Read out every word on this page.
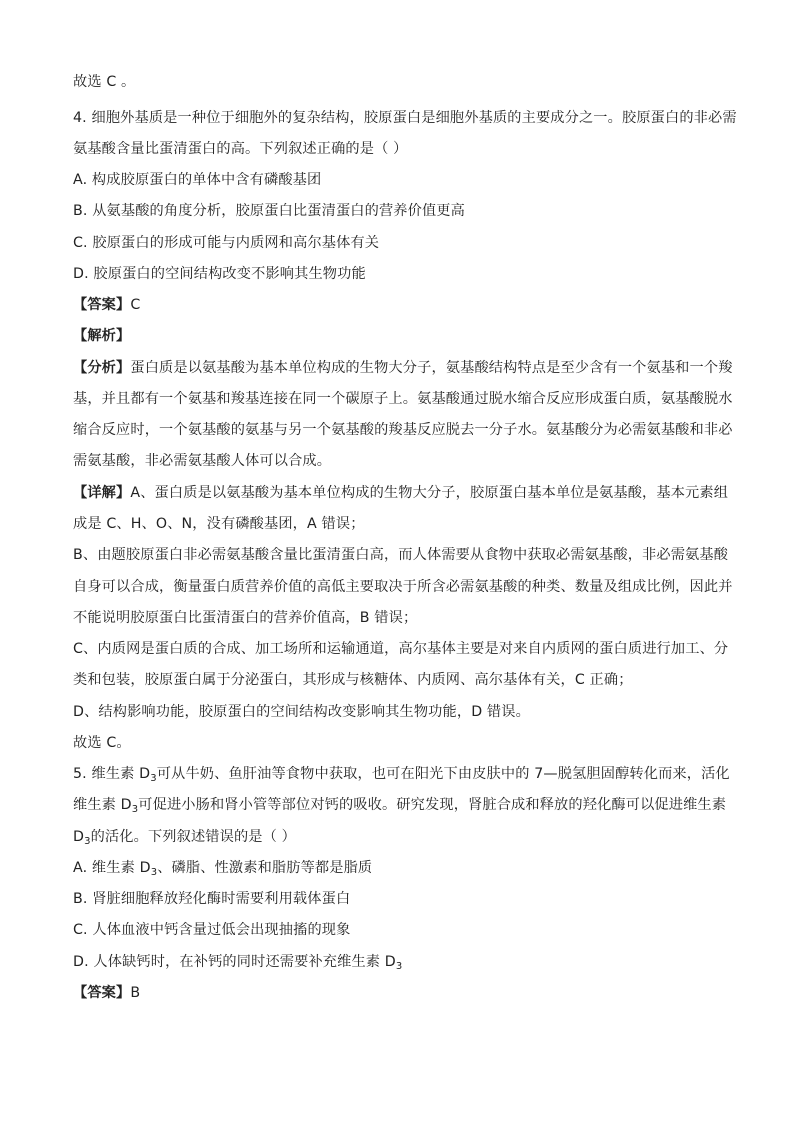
故选 C 。
4. 细胞外基质是一种位于细胞外的复杂结构，胶原蛋白是细胞外基质的主要成分之一。胶原蛋白的非必需
氨基酸含量比蛋清蛋白的高。下列叙述正确的是（ ）
A. 构成胶原蛋白的单体中含有磷酸基团
B. 从氨基酸的角度分析，胶原蛋白比蛋清蛋白的营养价值更高
C. 胶原蛋白的形成可能与内质网和高尔基体有关
D. 胶原蛋白的空间结构改变不影响其生物功能
【答案】C
【解析】
【分析】蛋白质是以氨基酸为基本单位构成的生物大分子，氨基酸结构特点是至少含有一个氨基和一个羧
基，并且都有一个氨基和羧基连接在同一个碳原子上。氨基酸通过脱水缩合反应形成蛋白质，氨基酸脱水
缩合反应时，一个氨基酸的氨基与另一个氨基酸的羧基反应脱去一分子水。氨基酸分为必需氨基酸和非必
需氨基酸，非必需氨基酸人体可以合成。
【详解】A、蛋白质是以氨基酸为基本单位构成的生物大分子，胶原蛋白基本单位是氨基酸，基本元素组
成是 C、H、O、N，没有磷酸基团，A 错误；
B、由题胶原蛋白非必需氨基酸含量比蛋清蛋白高，而人体需要从食物中获取必需氨基酸，非必需氨基酸
自身可以合成，衡量蛋白质营养价值的高低主要取决于所含必需氨基酸的种类、数量及组成比例，因此并
不能说明胶原蛋白比蛋清蛋白的营养价值高，B 错误；
C、内质网是蛋白质的合成、加工场所和运输通道，高尔基体主要是对来自内质网的蛋白质进行加工、分
类和包装，胶原蛋白属于分泌蛋白，其形成与核糖体、内质网、高尔基体有关，C 正确；
D、结构影响功能，胶原蛋白的空间结构改变影响其生物功能，D 错误。
故选 C。
5. 维生素 $D_3$可从牛奶、鱼肝油等食物中获取，也可在阳光下由皮肤中的 7—脱氢胆固醇转化而来，活化
维生素 $D_3$可促进小肠和肾小管等部位对钙的吸收。研究发现，肾脏合成和释放的羟化酶可以促进维生素
$D_3$的活化。下列叙述错误的是（ ）
A. 维生素 $D_3$、磷脂、性激素和脂肪等都是脂质
B. 肾脏细胞释放羟化酶时需要利用载体蛋白
C. 人体血液中钙含量过低会出现抽搐的现象
D. 人体缺钙时，在补钙的同时还需要补充维生素 $D_3$
【答案】B
